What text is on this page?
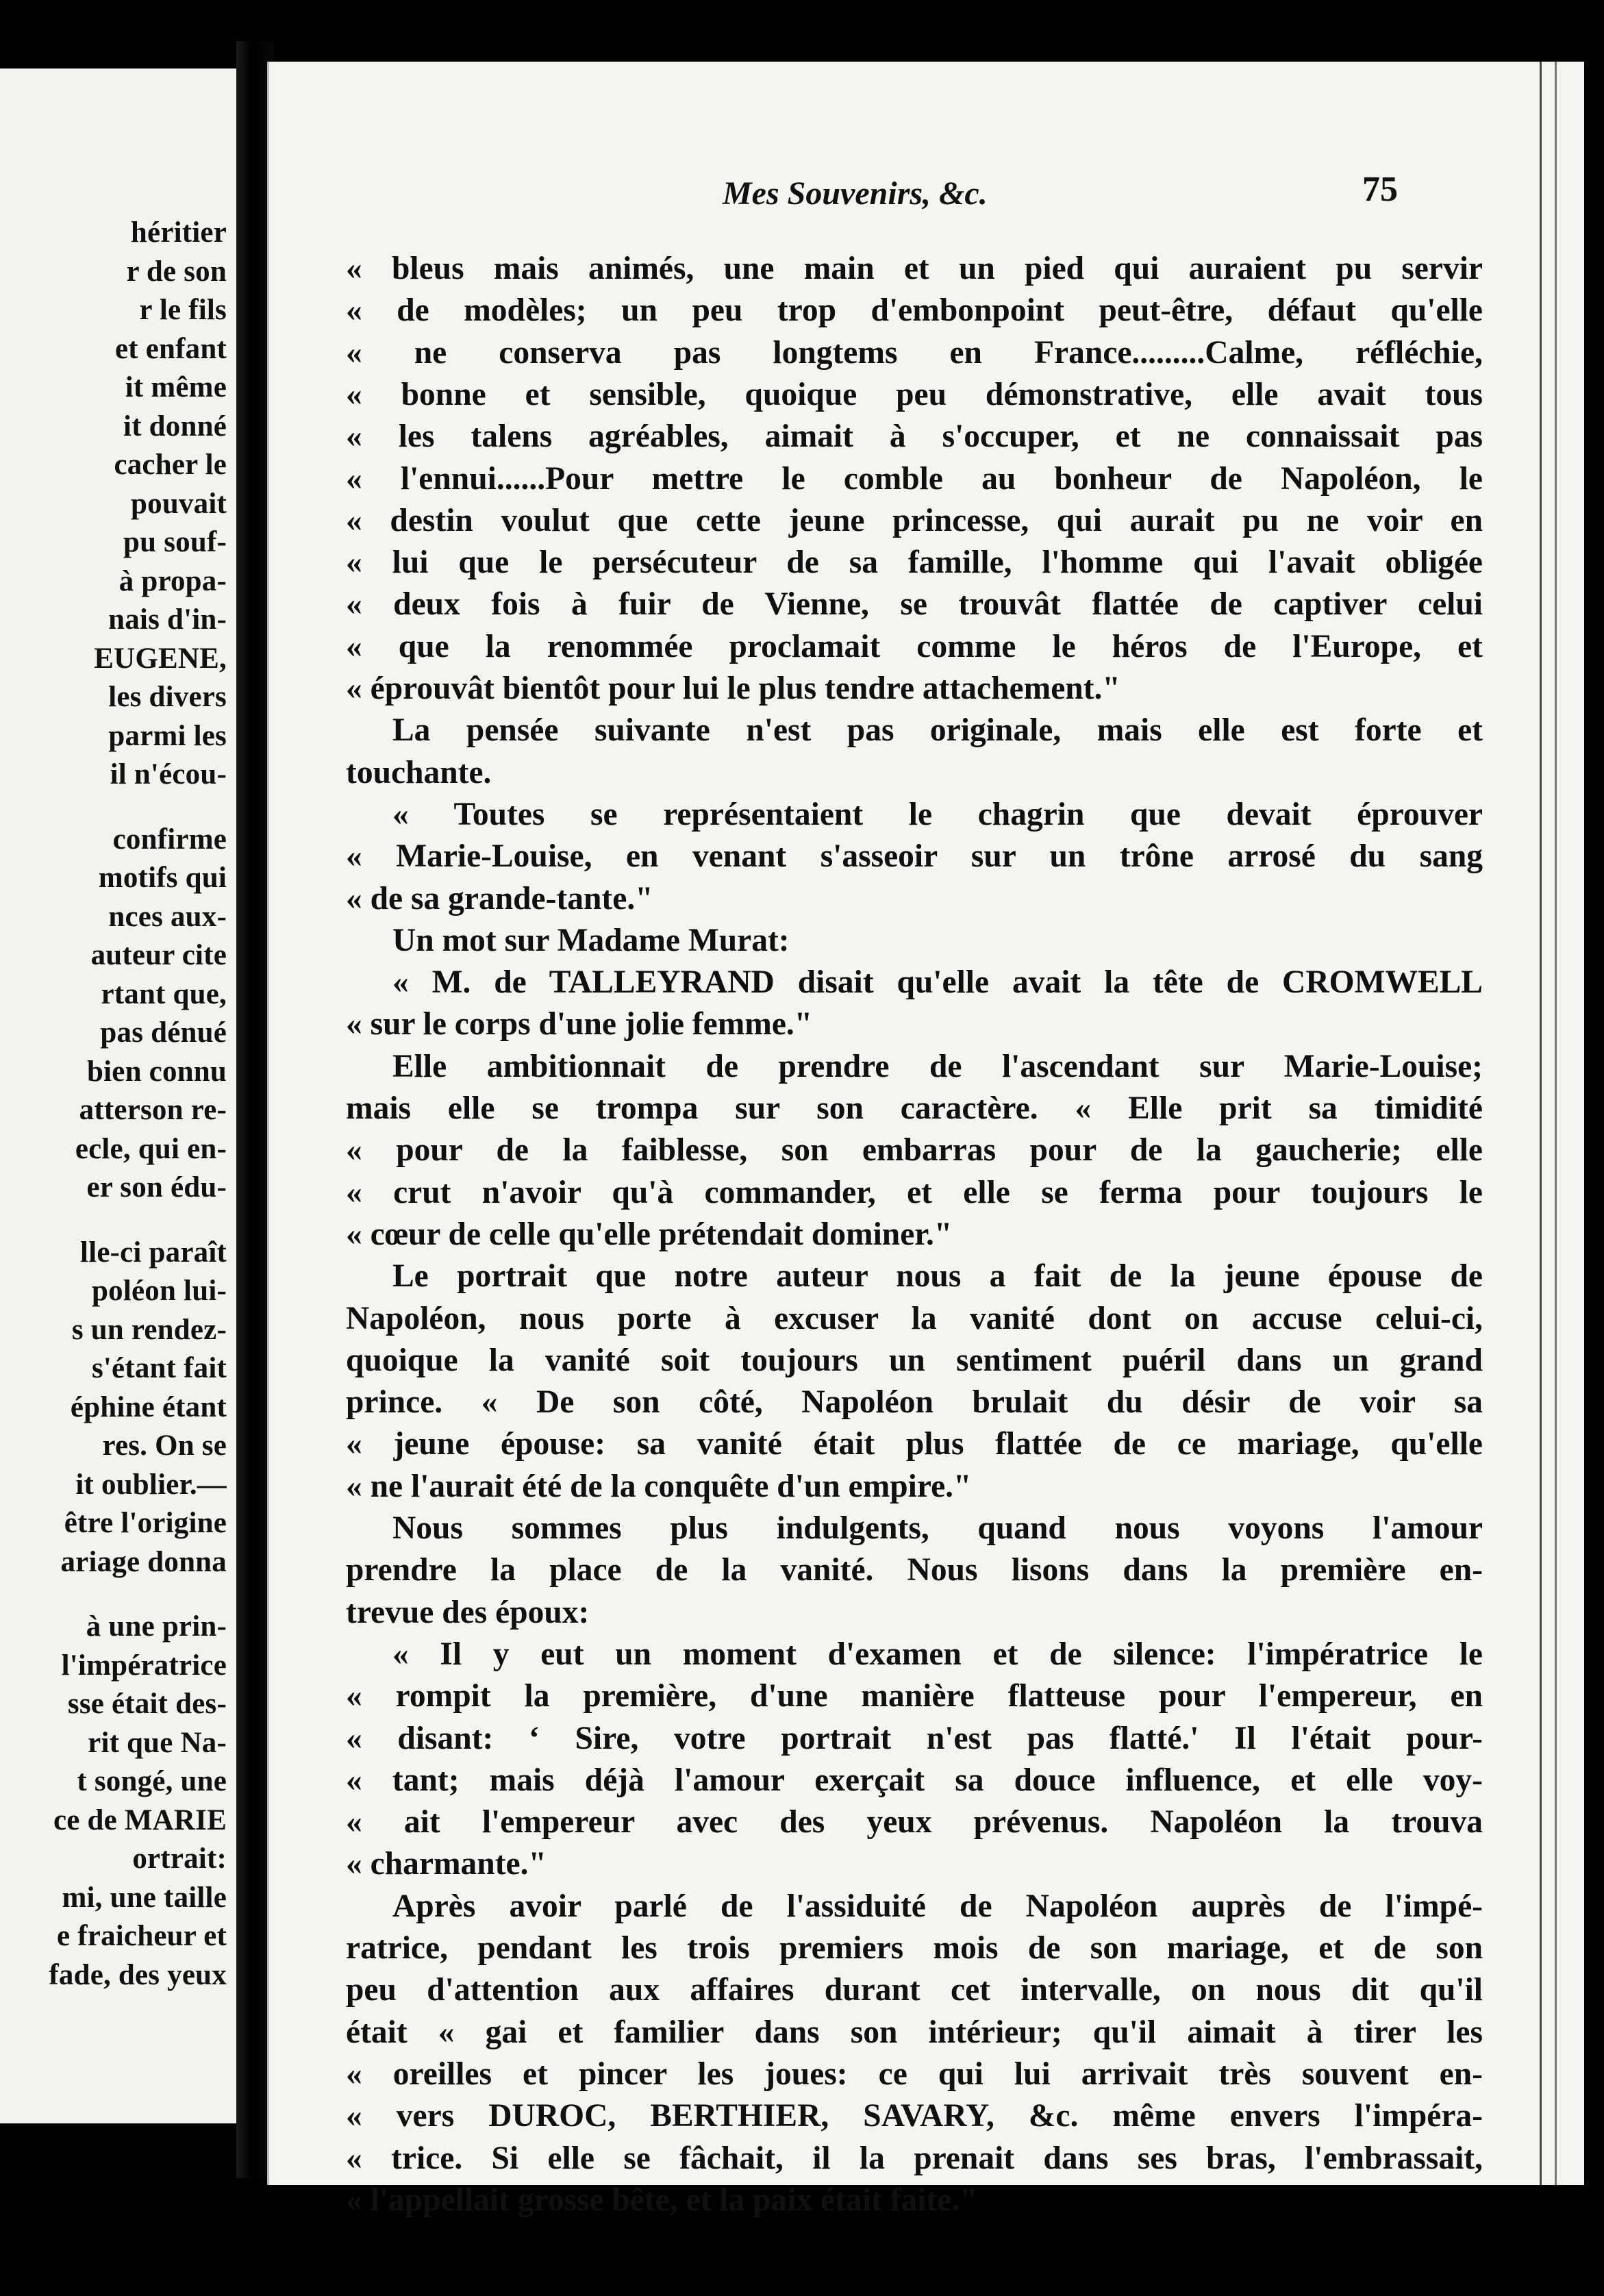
héritier
r de son
r le fils
et enfant
it même
it donné
cacher le
pouvait
pu souf-
à propa-
nais d'in-
EUGENE,
les divers
parmi les
il n'écou-
confirme
motifs qui
nces aux-
auteur cite
rtant que,
pas dénué
bien connu
atterson re-
ecle, qui en-
er son édu-
lle-ci paraît
poléon lui-
s un rendez-
s'étant fait
éphine étant
res. On se
it oublier.—
être l'origine
ariage donna
à une prin-
l'impératrice
sse était des-
rit que Na-
t songé, une
ce de MARIE
ortrait:
mi, une taille
e fraicheur et
fade, des yeux
Mes Souvenirs, &c.	75
« bleus mais animés, une main et un pied qui auraient pu servir
« de modèles; un peu trop d'embonpoint peut-être, défaut qu'elle
« ne conserva pas longtems en France.........Calme, réfléchie,
« bonne et sensible, quoique peu démonstrative, elle avait tous
« les talens agréables, aimait à s'occuper, et ne connaissait pas
« l'ennui......Pour mettre le comble au bonheur de Napoléon, le
« destin voulut que cette jeune princesse, qui aurait pu ne voir en
« lui que le persécuteur de sa famille, l'homme qui l'avait obligée
« deux fois à fuir de Vienne, se trouvât flattée de captiver celui
« que la renommée proclamait comme le héros de l'Europe, et
« éprouvât bientôt pour lui le plus tendre attachement."
La pensée suivante n'est pas originale, mais elle est forte et
touchante.
« Toutes se représentaient le chagrin que devait éprouver
« Marie-Louise, en venant s'asseoir sur un trône arrosé du sang
« de sa grande-tante."
Un mot sur Madame Murat:
« M. de TALLEYRAND disait qu'elle avait la tête de CROMWELL
« sur le corps d'une jolie femme."
Elle ambitionnait de prendre de l'ascendant sur Marie-Louise;
mais elle se trompa sur son caractère. « Elle prit sa timidité
« pour de la faiblesse, son embarras pour de la gaucherie; elle
« crut n'avoir qu'à commander, et elle se ferma pour toujours le
« cœur de celle qu'elle prétendait dominer."
Le portrait que notre auteur nous a fait de la jeune épouse de
Napoléon, nous porte à excuser la vanité dont on accuse celui-ci,
quoique la vanité soit toujours un sentiment puéril dans un grand
prince. « De son côté, Napoléon brulait du désir de voir sa
« jeune épouse: sa vanité était plus flattée de ce mariage, qu'elle
« ne l'aurait été de la conquête d'un empire."
Nous sommes plus indulgents, quand nous voyons l'amour
prendre la place de la vanité. Nous lisons dans la première en-
trevue des époux:
« Il y eut un moment d'examen et de silence: l'impératrice le
« rompit la première, d'une manière flatteuse pour l'empereur, en
« disant: ‘ Sire, votre portrait n'est pas flatté.' Il l'était pour-
« tant; mais déjà l'amour exerçait sa douce influence, et elle voy-
« ait l'empereur avec des yeux prévenus. Napoléon la trouva
« charmante."
Après avoir parlé de l'assiduité de Napoléon auprès de l'impé-
ratrice, pendant les trois premiers mois de son mariage, et de son
peu d'attention aux affaires durant cet intervalle, on nous dit qu'il
était « gai et familier dans son intérieur; qu'il aimait à tirer les
« oreilles et pincer les joues: ce qui lui arrivait très souvent en-
« vers DUROC, BERTHIER, SAVARY, &c. même envers l'impéra-
« trice. Si elle se fâchait, il la prenait dans ses bras, l'embrassait,
« l'appellait grosse bête, et la paix était faite."
